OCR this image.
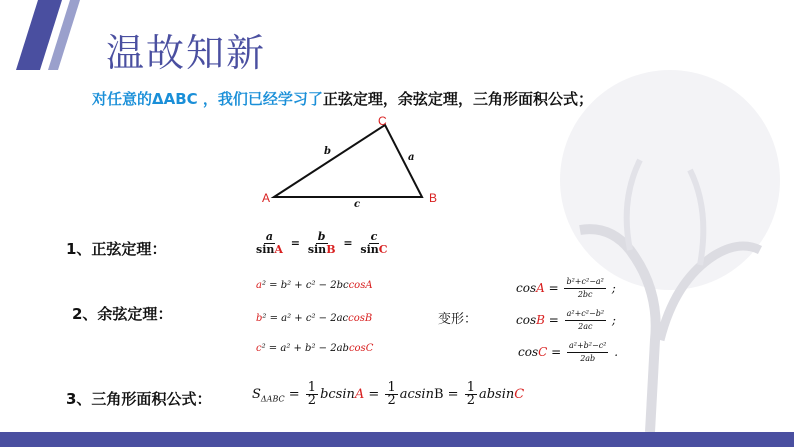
温故知新
对任意的ΔABC ，我们已经学习了正弦定理，余弦定理，三角形面积公式；
C
A	B
b
a
c
1、正弦定理：	$\frac{a}{\sin A} = \frac{b}{\sin B} = \frac{c}{\sin C}$
2、余弦定理：
a² = b² + c² − 2bccosA
b² = a² + c² − 2accosB
c² = a² + b² − 2abcosC
变形：
$\cos A = \frac{\text{b²+c²−a²}}{2bc}$ ;
$\cos B = \frac{\text{a²+c²−b²}}{2ac}$ ;
$\cos C = \frac{\text{a²+b²−c²}}{2ab}$ .
3、三角形面积公式：	$S_{\Delta ABC} = \frac{1}{2}$ $bcsinA = \frac{1}{2}$ $acsinB = \frac{1}{2}$ absinC
